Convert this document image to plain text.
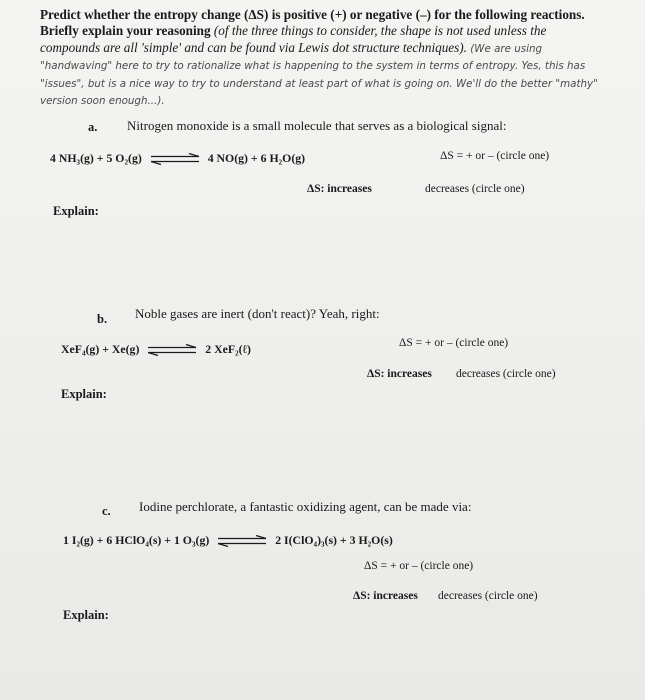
Predict whether the entropy change (ΔS) is positive (+) or negative (–) for the following reactions. Briefly explain your reasoning (of the three things to consider, the shape is not used unless the compounds are all 'simple' and can be found via Lewis dot structure techniques). (We are using "handwaving" here to try to rationalize what is happening to the system in terms of entropy. Yes, this has "issues", but is a nice way to try to understand at least part of what is going on. We'll do the better "mathy" version soon enough...).
a. Nitrogen monoxide is a small molecule that serves as a biological signal:
4 NH₃(g) + 5 O₂(g)	4 NO(g) + 6 H₂O(g)	ΔS = + or – (circle one)
ΔS: increases	decreases (circle one)
Explain:
b. Noble gases are inert (don't react)? Yeah, right:
XeF₄(g) + Xe(g)	2 XeF₂(ℓ)	ΔS = + or – (circle one)
ΔS: increases decreases (circle one)
Explain:
c. Iodine perchlorate, a fantastic oxidizing agent, can be made via:
1 I₂(g) + 6 HClO₄(s) + 1 O₃(g)	2 I(ClO₄)₃(s) + 3 H₂O(s)
ΔS = + or – (circle one)
ΔS: increases decreases (circle one)
Explain:
